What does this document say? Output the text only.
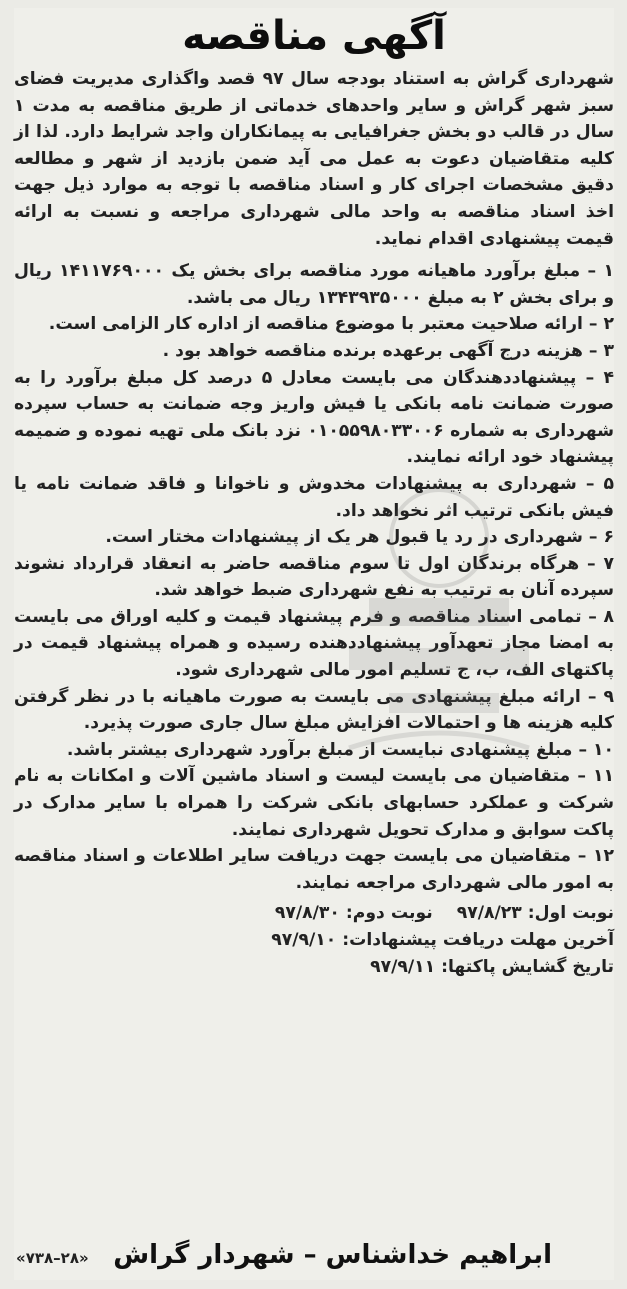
آگهی مناقصه

شهرداری گراش به استناد بودجه سال ۹۷ قصد واگذاری مدیریت فضای سبز شهر گراش و سایر واحدهای خدماتی از طریق مناقصه به مدت ۱ سال در قالب دو بخش جغرافیایی به پیمانکاران واجد شرایط دارد. لذا از کلیه متقاضیان دعوت به عمل می آید ضمن بازدید از شهر و مطالعه دقیق مشخصات اجرای کار و اسناد مناقصه با توجه به موارد ذیل جهت اخذ اسناد مناقصه به واحد مالی شهرداری مراجعه و نسبت به ارائه قیمت پیشنهادی اقدام نماید.

۱ – مبلغ برآورد ماهیانه مورد مناقصه برای بخش یک ۱۴۱۱۷۶۹۰۰۰ ریال و برای بخش ۲ به مبلغ ۱۳۴۳۹۳۵۰۰۰ ریال می باشد.
۲ – ارائه صلاحیت معتبر با موضوع مناقصه از اداره کار الزامی است.
۳ – هزینه درج آگهی برعهده برنده مناقصه خواهد بود .
۴ – پیشنهاددهندگان می بایست معادل ۵ درصد کل مبلغ برآورد را به صورت ضمانت نامه بانکی یا فیش واریز وجه ضمانت به حساب سپرده شهرداری به شماره ۰۱۰۵۵۹۸۰۳۳۰۰۶ نزد بانک ملی تهیه نموده و ضمیمه پیشنهاد خود ارائه نمایند.
۵ – شهرداری به پیشنهادات مخدوش و ناخوانا و فاقد ضمانت نامه یا فیش بانکی ترتیب اثر نخواهد داد.
۶ – شهرداری در رد یا قبول هر یک از پیشنهادات مختار است.
۷ – هرگاه برندگان اول تا سوم مناقصه حاضر به انعقاد قرارداد نشوند سپرده آنان به ترتیب به نفع شهرداری ضبط خواهد شد.
۸ – تمامی اسناد مناقصه و فرم پیشنهاد قیمت و کلیه اوراق می بایست به امضا مجاز تعهدآور پیشنهاددهنده رسیده و همراه پیشنهاد قیمت در پاکتهای الف، ب، ج تسلیم امور مالی شهرداری شود.
۹ – ارائه مبلغ پیشنهادی می بایست به صورت ماهیانه با در نظر گرفتن کلیه هزینه ها و احتمالات افزایش مبلغ سال جاری صورت پذیرد.
۱۰ – مبلغ پیشنهادی نبایست از مبلغ برآورد شهرداری بیشتر باشد.
۱۱ – متقاضیان می بایست لیست و اسناد ماشین آلات و امکانات به نام شرکت و عملکرد حسابهای بانکی شرکت را همراه با سایر مدارک در پاکت سوابق و مدارک تحویل شهرداری نمایند.
۱۲ – متقاضیان می بایست جهت دریافت سایر اطلاعات و اسناد مناقصه به امور مالی شهرداری مراجعه نمایند.
نوبت اول:
۹۷/۸/۲۳
نوبت دوم:
۹۷/۸/۳۰
آخرین مهلت دریافت پیشنهادات:
۹۷/۹/۱۰
تاریخ گشایش پاکتها:
۹۷/۹/۱۱
ابراهیم خداشناس – شهردار گراش
«۲۸–۷۳۸»
